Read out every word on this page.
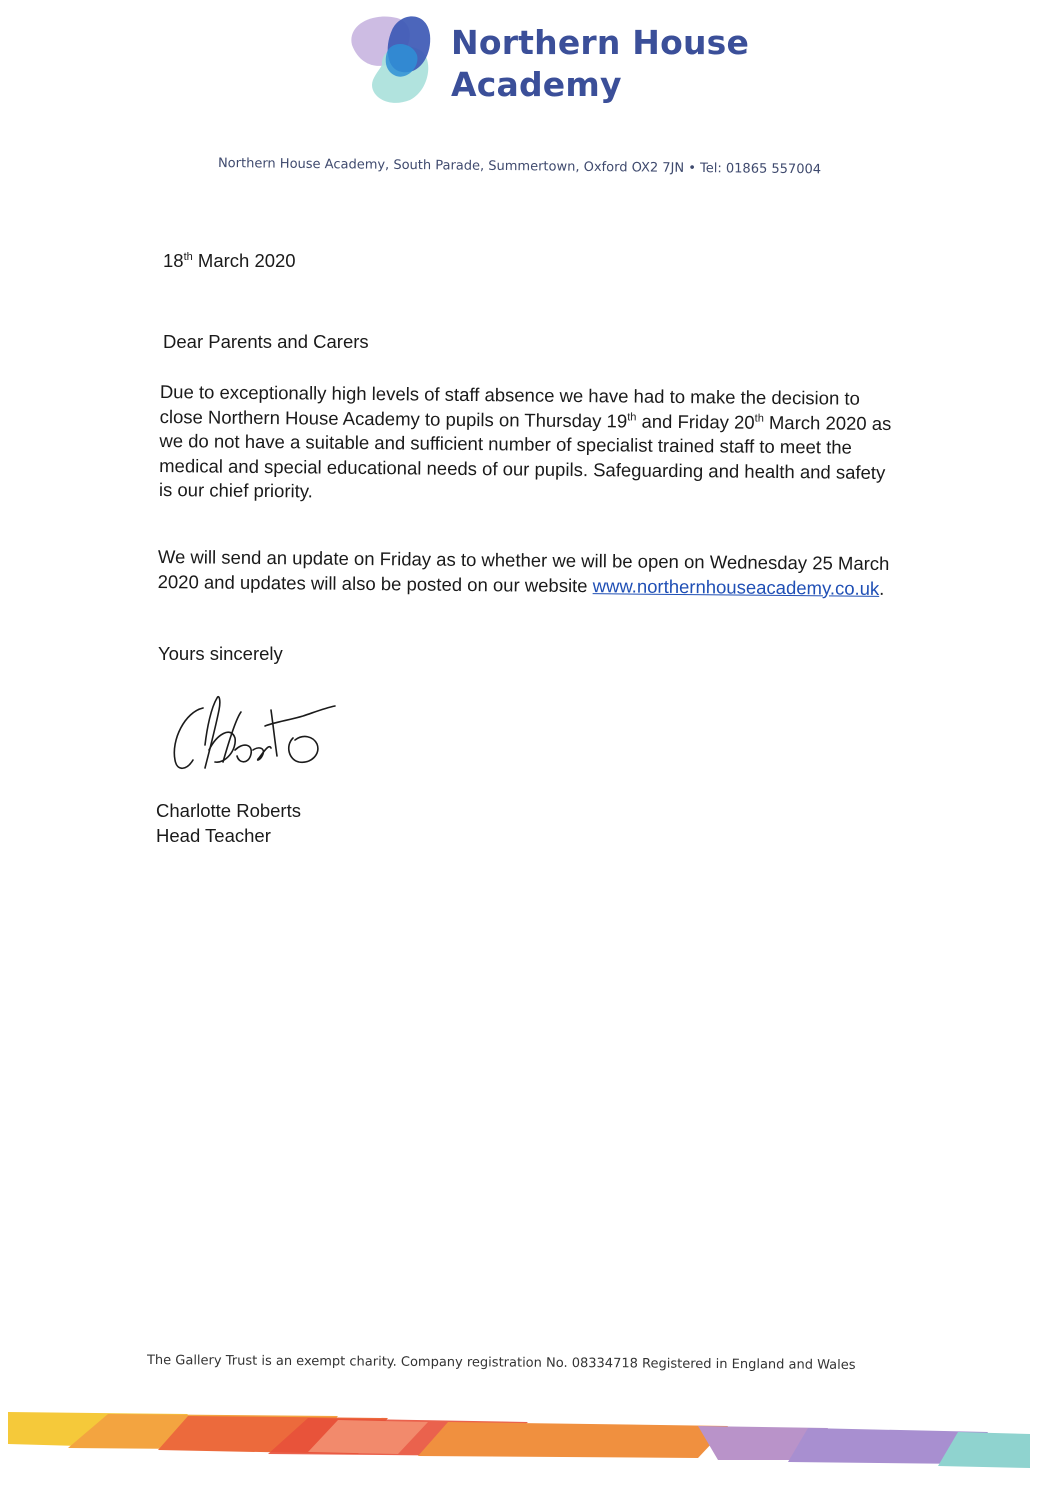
Northern House
Academy
Northern House Academy, South Parade, Summertown, Oxford OX2 7JN • Tel: 01865 557004
18th March 2020
Dear Parents and Carers

Due to exceptionally high levels of staff absence we have had to make the decision to close Northern House Academy to pupils on Thursday 19th and Friday 20th March 2020 as we do not have a suitable and sufficient number of specialist trained staff to meet the medical and special educational needs of our pupils. Safeguarding and health and safety is our chief priority.

We will send an update on Friday as to whether we will be open on Wednesday 25 March 2020 and updates will also be posted on our website www.northernhouseacademy.co.uk.

Yours sincerely
Charlotte Roberts
Head Teacher
The Gallery Trust is an exempt charity. Company registration No. 08334718 Registered in England and Wales
